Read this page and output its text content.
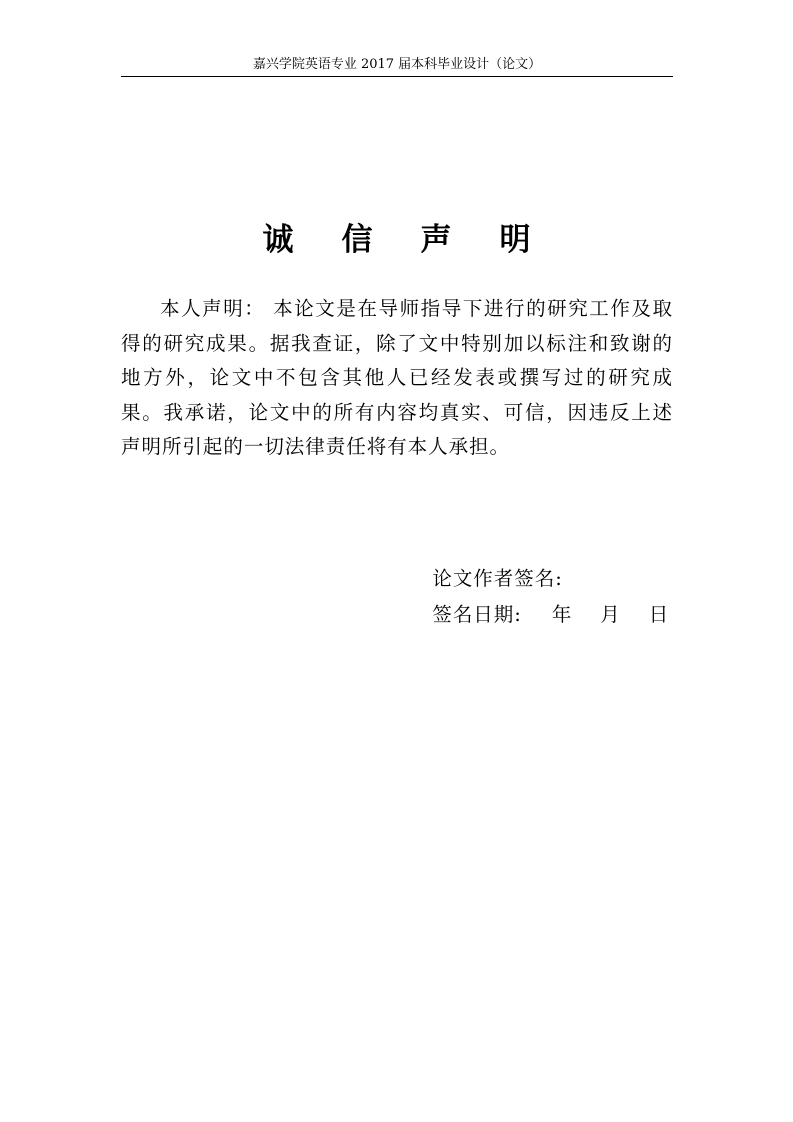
嘉兴学院英语专业 2017 届本科毕业设计（论文）
诚 信 声 明

本人声明： 本论文是在导师指导下进行的研究工作及取得的研究成果。据我查证，除了文中特别加以标注和致谢的地方外，论文中不包含其他人已经发表或撰写过的研究成果。我承诺，论文中的所有内容均真实、可信，因违反上述声明所引起的一切法律责任将有本人承担。

论文作者签名:

签名日期: 年 月 日
